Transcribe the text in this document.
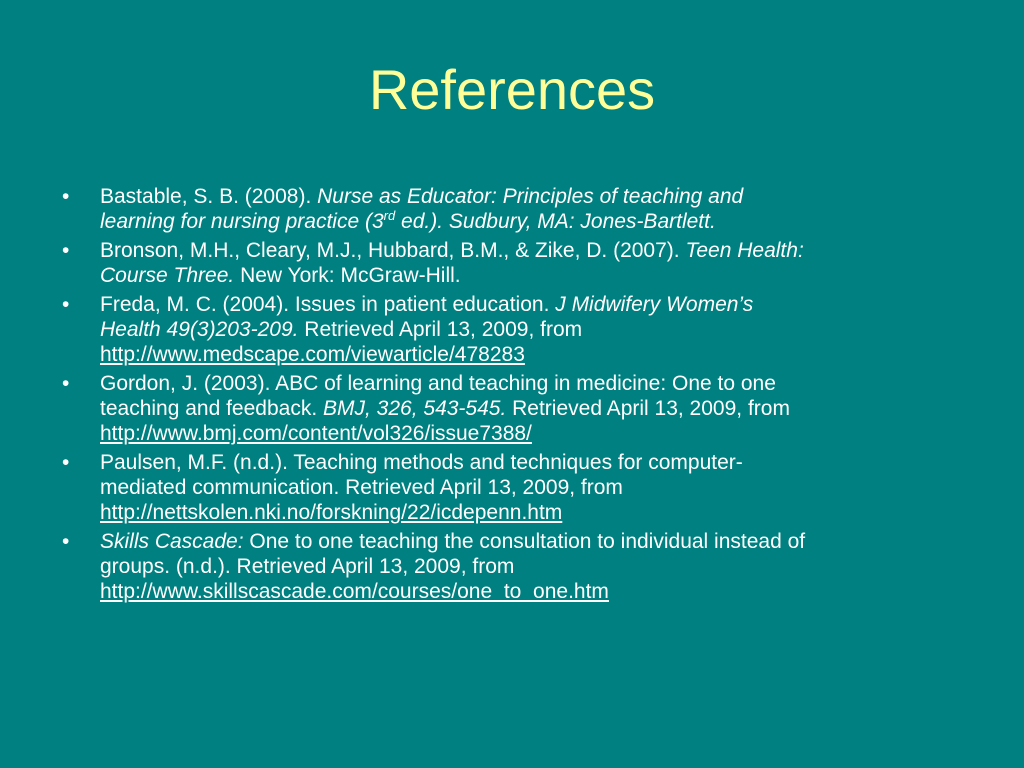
References
•	Bastable, S. B. (2008). Nurse as Educator: Principles of teaching and
learning for nursing practice (3rd ed.). Sudbury, MA: Jones-Bartlett.
•	Bronson, M.H., Cleary, M.J., Hubbard, B.M., & Zike, D. (2007). Teen Health:
Course Three. New York: McGraw-Hill.
•	Freda, M. C. (2004). Issues in patient education. J Midwifery Women’s
Health 49(3)203-209. Retrieved April 13, 2009, from
http://www.medscape.com/viewarticle/478283
•	Gordon, J. (2003). ABC of learning and teaching in medicine: One to one
teaching and feedback. BMJ, 326, 543-545. Retrieved April 13, 2009, from
http://www.bmj.com/content/vol326/issue7388/
•	Paulsen, M.F. (n.d.). Teaching methods and techniques for computer-
mediated communication. Retrieved April 13, 2009, from
http://nettskolen.nki.no/forskning/22/icdepenn.htm
•	Skills Cascade: One to one teaching the consultation to individual instead of
groups. (n.d.). Retrieved April 13, 2009, from
http://www.skillscascade.com/courses/one_to_one.htm
